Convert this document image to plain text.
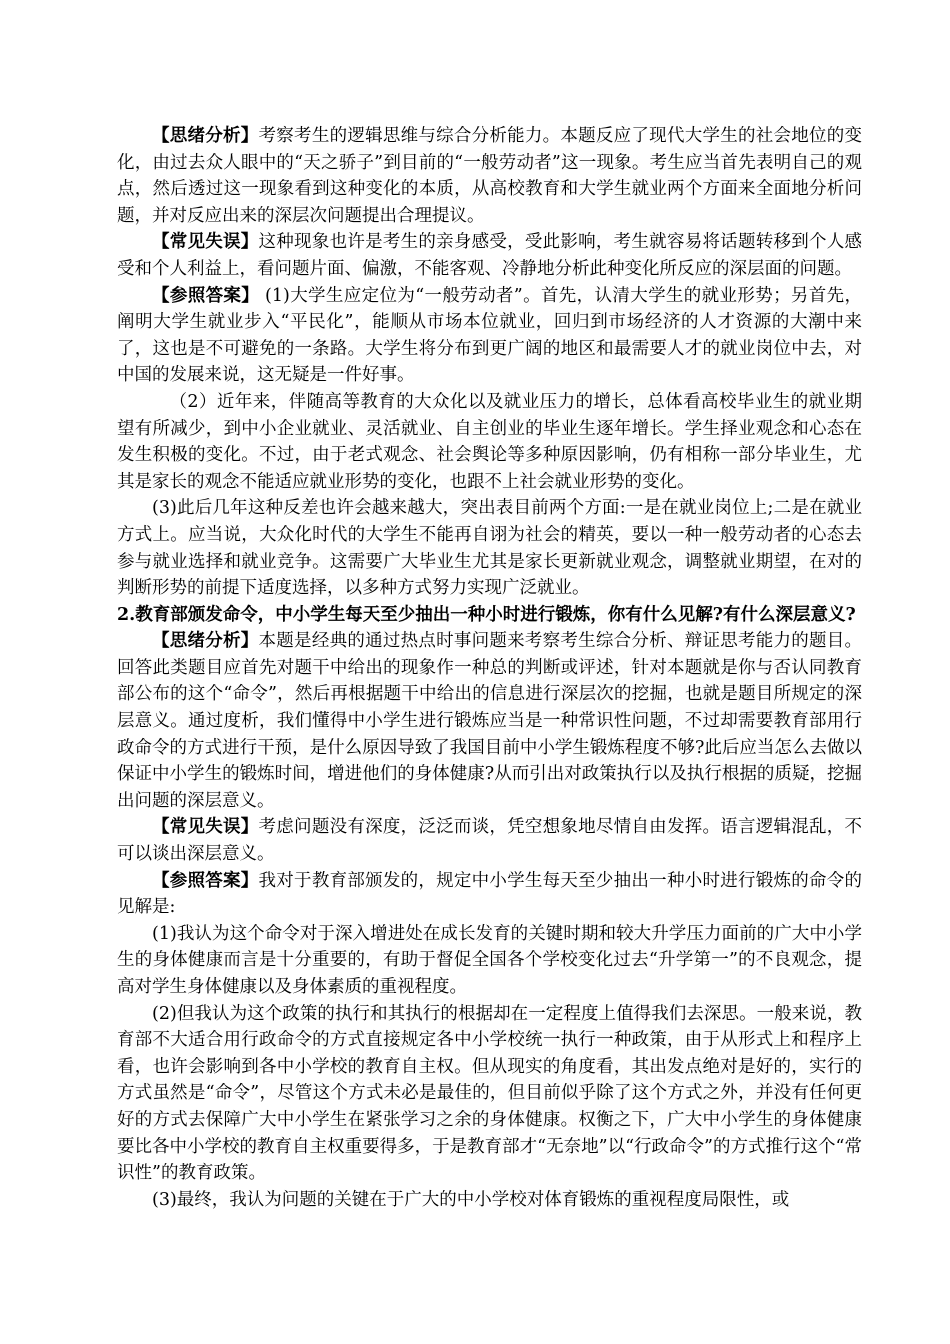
【思绪分析】考察考生的逻辑思维与综合分析能力。本题反应了现代大学生的社会地位的变化，由过去众人眼中的“天之骄子”到目前的“一般劳动者”这一现象。考生应当首先表明自己的观点，然后透过这一现象看到这种变化的本质，从高校教育和大学生就业两个方面来全面地分析问题，并对反应出来的深层次问题提出合理提议。

【常见失误】这种现象也许是考生的亲身感受，受此影响，考生就容易将话题转移到个人感受和个人利益上，看问题片面、偏激，不能客观、冷静地分析此种变化所反应的深层面的问题。

【参照答案】 (1)大学生应定位为“一般劳动者”。首先，认清大学生的就业形势；另首先，阐明大学生就业步入“平民化”，能顺从市场本位就业，回归到市场经济的人才资源的大潮中来了，这也是不可避免的一条路。大学生将分布到更广阔的地区和最需要人才的就业岗位中去，对中国的发展来说，这无疑是一件好事。

（2）近年来，伴随高等教育的大众化以及就业压力的增长，总体看高校毕业生的就业期望有所减少，到中小企业就业、灵活就业、自主创业的毕业生逐年增长。学生择业观念和心态在发生积极的变化。不过，由于老式观念、社会舆论等多种原因影响，仍有相称一部分毕业生，尤其是家长的观念不能适应就业形势的变化，也跟不上社会就业形势的变化。

(3)此后几年这种反差也许会越来越大，突出表目前两个方面:一是在就业岗位上;二是在就业方式上。应当说，大众化时代的大学生不能再自诩为社会的精英，要以一种一般劳动者的心态去参与就业选择和就业竞争。这需要广大毕业生尤其是家长更新就业观念，调整就业期望，在对的判断形势的前提下适度选择，以多种方式努力实现广泛就业。

2.教育部颁发命令，中小学生每天至少抽出一种小时进行锻炼，你有什么见解?有什么深层意义?

【思绪分析】本题是经典的通过热点时事问题来考察考生综合分析、辩证思考能力的题目。回答此类题目应首先对题干中给出的现象作一种总的判断或评述，针对本题就是你与否认同教育部公布的这个“命令”，然后再根据题干中给出的信息进行深层次的挖掘，也就是题目所规定的深层意义。通过度析，我们懂得中小学生进行锻炼应当是一种常识性问题，不过却需要教育部用行政命令的方式进行干预，是什么原因导致了我国目前中小学生锻炼程度不够?此后应当怎么去做以保证中小学生的锻炼时间，增进他们的身体健康?从而引出对政策执行以及执行根据的质疑，挖掘出问题的深层意义。

【常见失误】考虑问题没有深度，泛泛而谈，凭空想象地尽情自由发挥。语言逻辑混乱，不可以谈出深层意义。

【参照答案】我对于教育部颁发的，规定中小学生每天至少抽出一种小时进行锻炼的命令的见解是:

(1)我认为这个命令对于深入增进处在成长发育的关键时期和较大升学压力面前的广大中小学生的身体健康而言是十分重要的，有助于督促全国各个学校变化过去“升学第一”的不良观念，提高对学生身体健康以及身体素质的重视程度。

(2)但我认为这个政策的执行和其执行的根据却在一定程度上值得我们去深思。一般来说，教育部不大适合用行政命令的方式直接规定各中小学校统一执行一种政策，由于从形式上和程序上看，也许会影响到各中小学校的教育自主权。但从现实的角度看，其出发点绝对是好的，实行的方式虽然是“命令”，尽管这个方式未必是最佳的，但目前似乎除了这个方式之外，并没有任何更好的方式去保障广大中小学生在紧张学习之余的身体健康。权衡之下，广大中小学生的身体健康要比各中小学校的教育自主权重要得多，于是教育部才“无奈地”以“行政命令”的方式推行这个“常识性”的教育政策。

(3)最终，我认为问题的关键在于广大的中小学校对体育锻炼的重视程度局限性，或
